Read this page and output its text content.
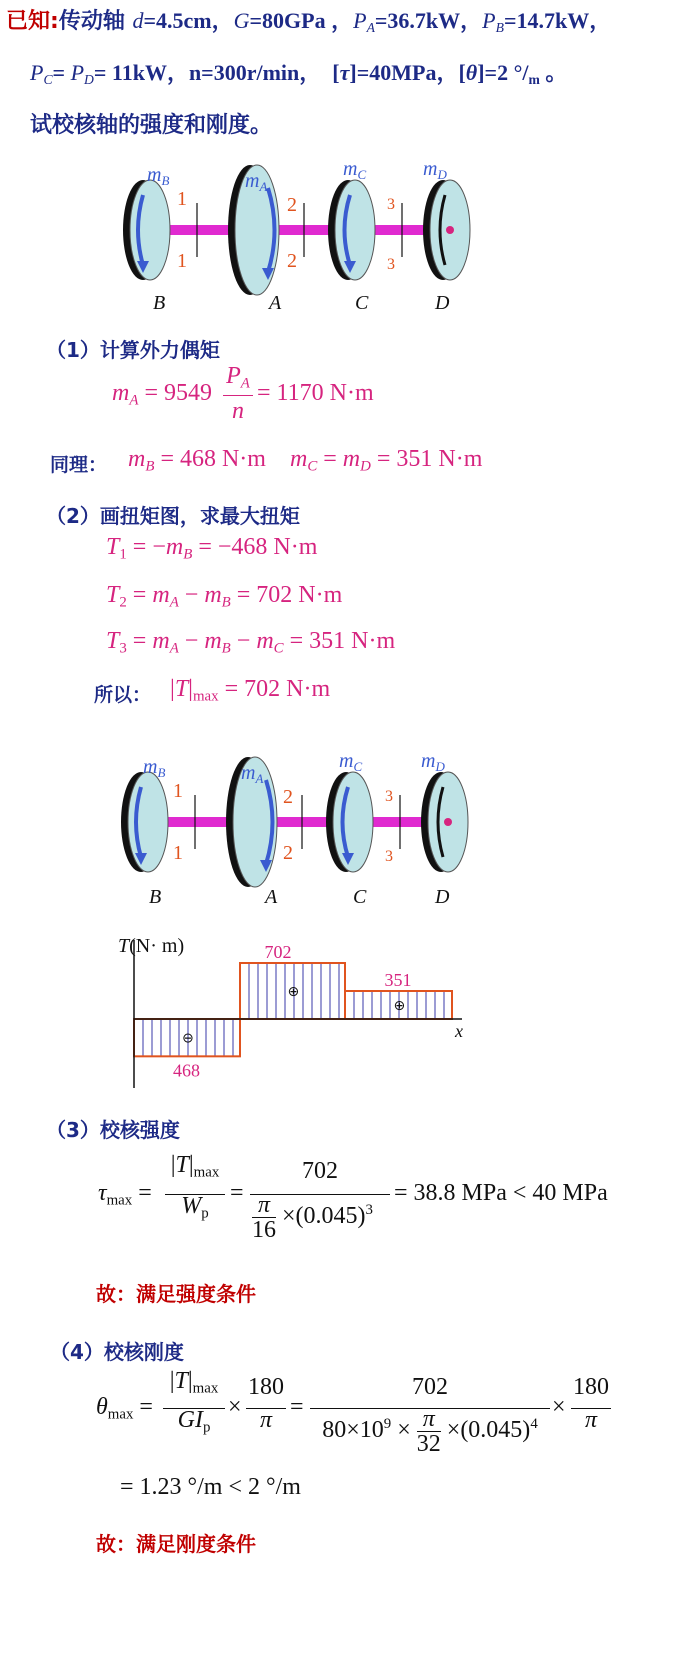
已知:传动轴 d=4.5cm，G=80GPa ，$P_A=36.7kW$，$P_B=14.7kW$，
$P_C= P_D= 11kW$，n=300r/min，  [τ]=40MPa，[θ]=2 $^\circ/_m$ 。
试校核轴的强度和刚度。
$m_B$	$m_A$
$m_C$	$m_D$
1
1
2
2
3
3
B	A	C	D
（1）计算外力偶矩
$m_A = 9549$
$P_A$
n
= 1170 N·m
同理： $m_B = 468$ N·m    $m_C = m_D = 351$ N·m
（2）画扭矩图，求最大扭矩
$T_1 = -m_B = -468$ N·m
$T_2 = m_A - m_B = 702$ N·m
$T_3 = m_A - m_B - m_C = 351$ N·m
所以： $|T|_{max} = 702$ N·m
$m_B$	$m_A$
$m_C$	$m_D$
1
1
2
2
3
3
B	A	C	D
⊖
468
⊕
702
⊕
351
T(N· m)
x
（3）校核强度
$\tau_{max}$ =
$|T|_{max}$
$W_p$
=
702
$\frac{\pi}{16} \times(0.045)^3$
= 38.8 MPa < 40 MPa
故：满足强度条件
（4）校核刚度
$\theta_{max}$ =
$|T|_{max}$
$GI_p$
×
180
π =
702
$80\times 10^9 \times \frac{\pi}{32} \times(0.045)^4$
×
180
π
= 1.23 °/m < 2 °/m
故：满足刚度条件
